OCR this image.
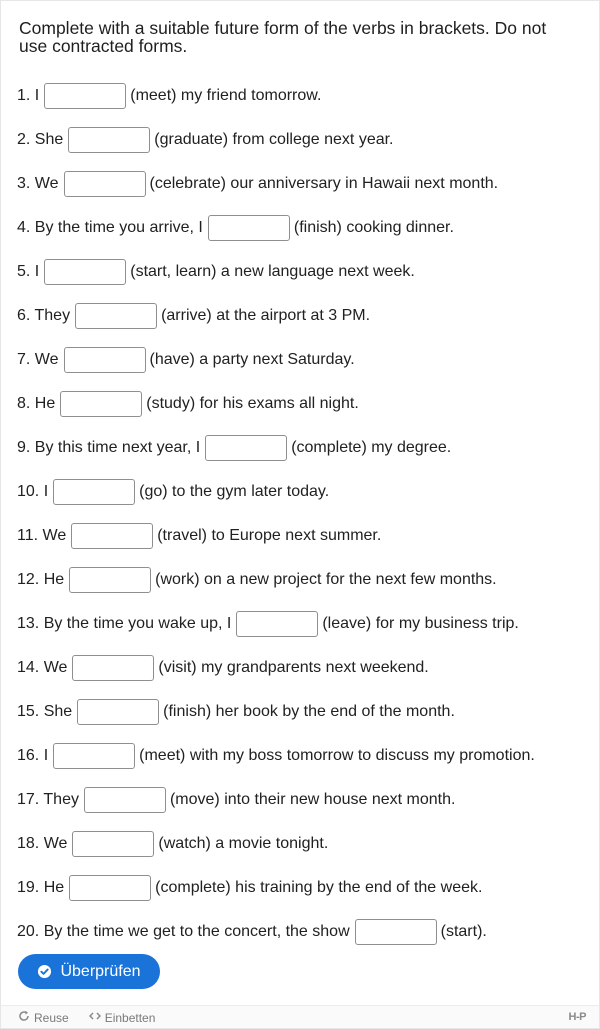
Complete with a suitable future form of the verbs in brackets. Do not use contracted forms.
1. I	(meet) my friend tomorrow.
2. She	(graduate) from college next year.
3. We	(celebrate) our anniversary in Hawaii next month.
4. By the time you arrive, I	(finish) cooking dinner.
5. I	(start, learn) a new language next week.
6. They	(arrive) at the airport at 3 PM.
7. We	(have) a party next Saturday.
8. He	(study) for his exams all night.
9. By this time next year, I	(complete) my degree.
10. I	(go) to the gym later today.
11. We	(travel) to Europe next summer.
12. He	(work) on a new project for the next few months.
13. By the time you wake up, I	(leave) for my business trip.
14. We	(visit) my grandparents next weekend.
15. She	(finish) her book by the end of the month.
16. I	(meet) with my boss tomorrow to discuss my promotion.
17. They	(move) into their new house next month.
18. We	(watch) a movie tonight.
19. He	(complete) his training by the end of the week.
20. By the time we get to the concert, the show	(start).
Überprüfen
Reuse	Einbetten	H-P
